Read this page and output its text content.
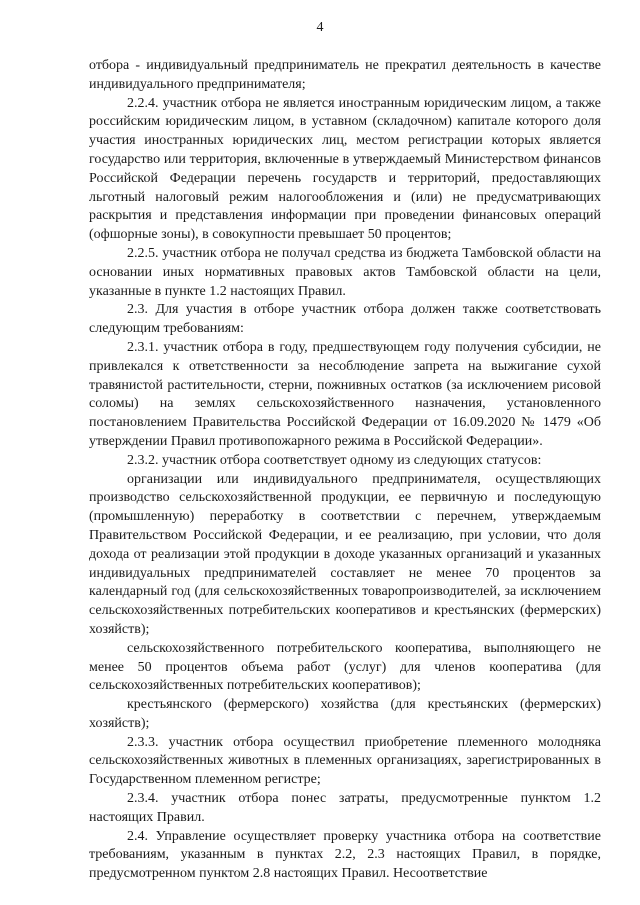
4

отбора - индивидуальный предприниматель не прекратил деятельность в качестве индивидуального предпринимателя;

2.2.4. участник отбора не является иностранным юридическим лицом, а также российским юридическим лицом, в уставном (складочном) капитале которого доля участия иностранных юридических лиц, местом регистрации которых является государство или территория, включенные в утверждаемый Министерством финансов Российской Федерации перечень государств и территорий, предоставляющих льготный налоговый режим налогообложения и (или) не предусматривающих раскрытия и представления информации при проведении финансовых операций (офшорные зоны), в совокупности превышает 50 процентов;

2.2.5. участник отбора не получал средства из бюджета Тамбовской области на основании иных нормативных правовых актов Тамбовской области на цели, указанные в пункте 1.2 настоящих Правил.

2.3. Для участия в отборе участник отбора должен также соответствовать следующим требованиям:

2.3.1. участник отбора в году, предшествующем году получения субсидии, не привлекался к ответственности за несоблюдение запрета на выжигание сухой травянистой растительности, стерни, пожнивных остатков (за исключением рисовой соломы) на землях сельскохозяйственного назначения, установленного постановлением Правительства Российской Федерации от 16.09.2020 № 1479 «Об утверждении Правил противопожарного режима в Российской Федерации».

2.3.2. участник отбора соответствует одному из следующих статусов:

организации или индивидуального предпринимателя, осуществляющих производство сельскохозяйственной продукции, ее первичную и последующую (промышленную) переработку в соответствии с перечнем, утверждаемым Правительством Российской Федерации, и ее реализацию, при условии, что доля дохода от реализации этой продукции в доходе указанных организаций и указанных индивидуальных предпринимателей составляет не менее 70 процентов за календарный год (для сельскохозяйственных товаропроизводителей, за исключением сельскохозяйственных потребительских кооперативов и крестьянских (фермерских) хозяйств);

сельскохозяйственного потребительского кооператива, выполняющего не менее 50 процентов объема работ (услуг) для членов кооператива (для сельскохозяйственных потребительских кооперативов);

крестьянского (фермерского) хозяйства (для крестьянских (фермерских) хозяйств);

2.3.3. участник отбора осуществил приобретение племенного молодняка сельскохозяйственных животных в племенных организациях, зарегистрированных в Государственном племенном регистре;

2.3.4. участник отбора понес затраты, предусмотренные пунктом 1.2 настоящих Правил.

2.4. Управление осуществляет проверку участника отбора на соответствие требованиям, указанным в пунктах 2.2, 2.3 настоящих Правил, в порядке, предусмотренном пунктом 2.8 настоящих Правил. Несоответствие
